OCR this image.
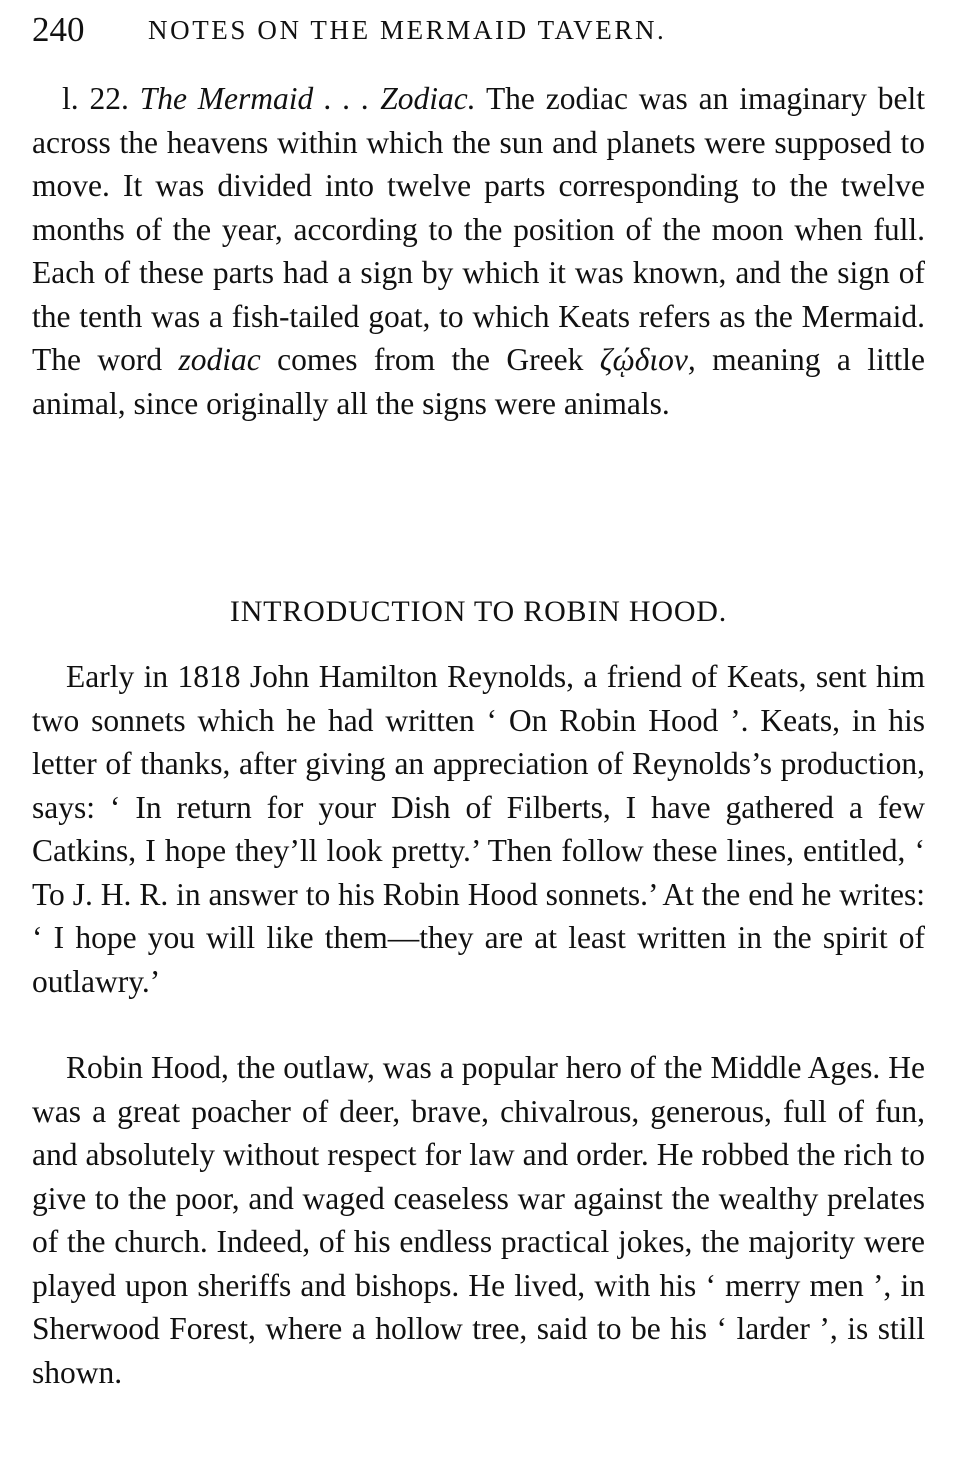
240 NOTES ON THE MERMAID TAVERN.

l. 22. The Mermaid . . . Zodiac. The zodiac was an imaginary belt across the heavens within which the sun and planets were supposed to move. It was divided into twelve parts corresponding to the twelve months of the year, according to the position of the moon when full. Each of these parts had a sign by which it was known, and the sign of the tenth was a fish-tailed goat, to which Keats refers as the Mermaid. The word zodiac comes from the Greek ζῴδιον, meaning a little animal, since originally all the signs were animals.

INTRODUCTION TO ROBIN HOOD.

Early in 1818 John Hamilton Reynolds, a friend of Keats, sent him two sonnets which he had written ‘ On Robin Hood ’. Keats, in his letter of thanks, after giving an appreciation of Reynolds’s production, says: ‘ In return for your Dish of Filberts, I have gathered a few Catkins, I hope they’ll look pretty.’ Then follow these lines, entitled, ‘ To J. H. R. in answer to his Robin Hood sonnets.’ At the end he writes: ‘ I hope you will like them—they are at least written in the spirit of outlawry.’

Robin Hood, the outlaw, was a popular hero of the Middle Ages. He was a great poacher of deer, brave, chivalrous, generous, full of fun, and absolutely without respect for law and order. He robbed the rich to give to the poor, and waged ceaseless war against the wealthy prelates of the church. Indeed, of his endless practical jokes, the majority were played upon sheriffs and bishops. He lived, with his ‘ merry men ’, in Sherwood Forest, where a hollow tree, said to be his ‘ larder ’, is still shown.
